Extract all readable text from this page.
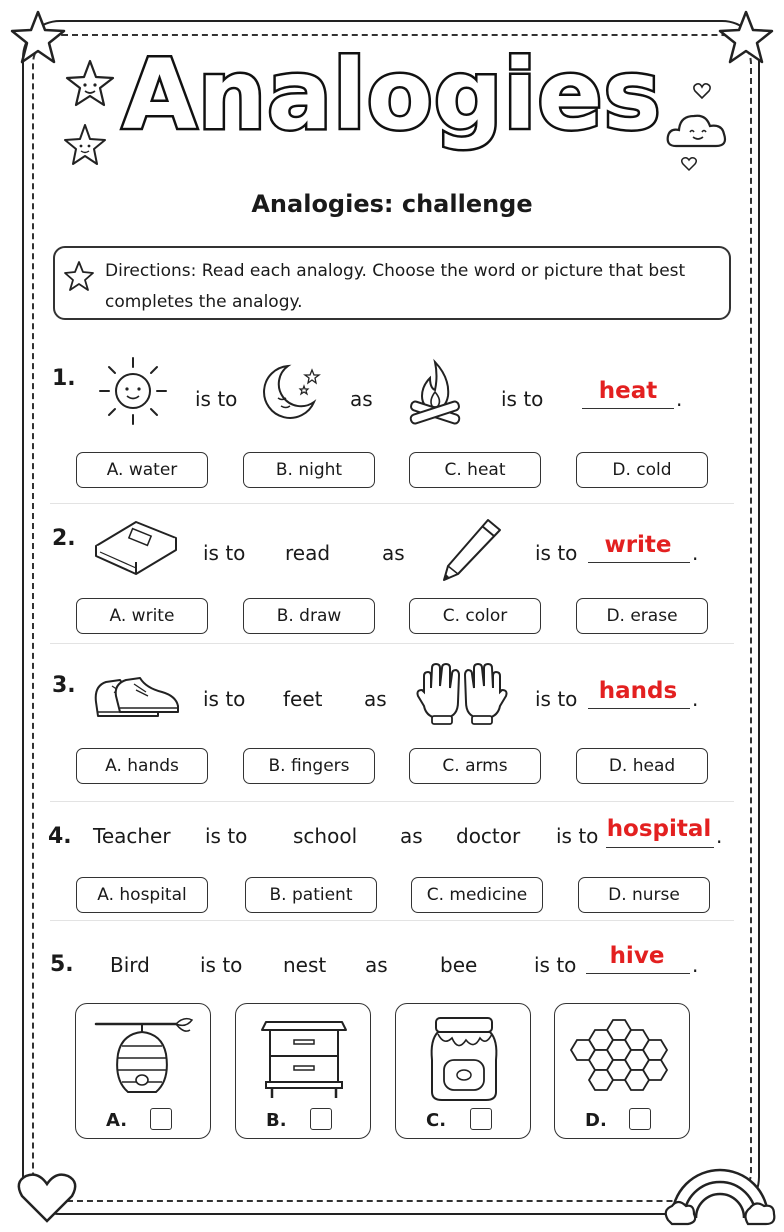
Analogies
Analogies: challenge
Directions: Read each analogy. Choose the word or picture that best completes the analogy.
1.
is to	as	is to	heat .
A. water	B. night	C. heat	D. cold
2.
is to read	as	is to	write	.
A. write	B. draw	C. color	D. erase
3.
is to feet as	is to hands .
A. hands	B. fingers	C. arms	D. head
4. Teacher is to school as doctor is to hospital .
A. hospital	B. patient	C. medicine	D. nurse
5. Bird	is to nest as	bee	is to	hive	.
A.	B.	C.	D.
